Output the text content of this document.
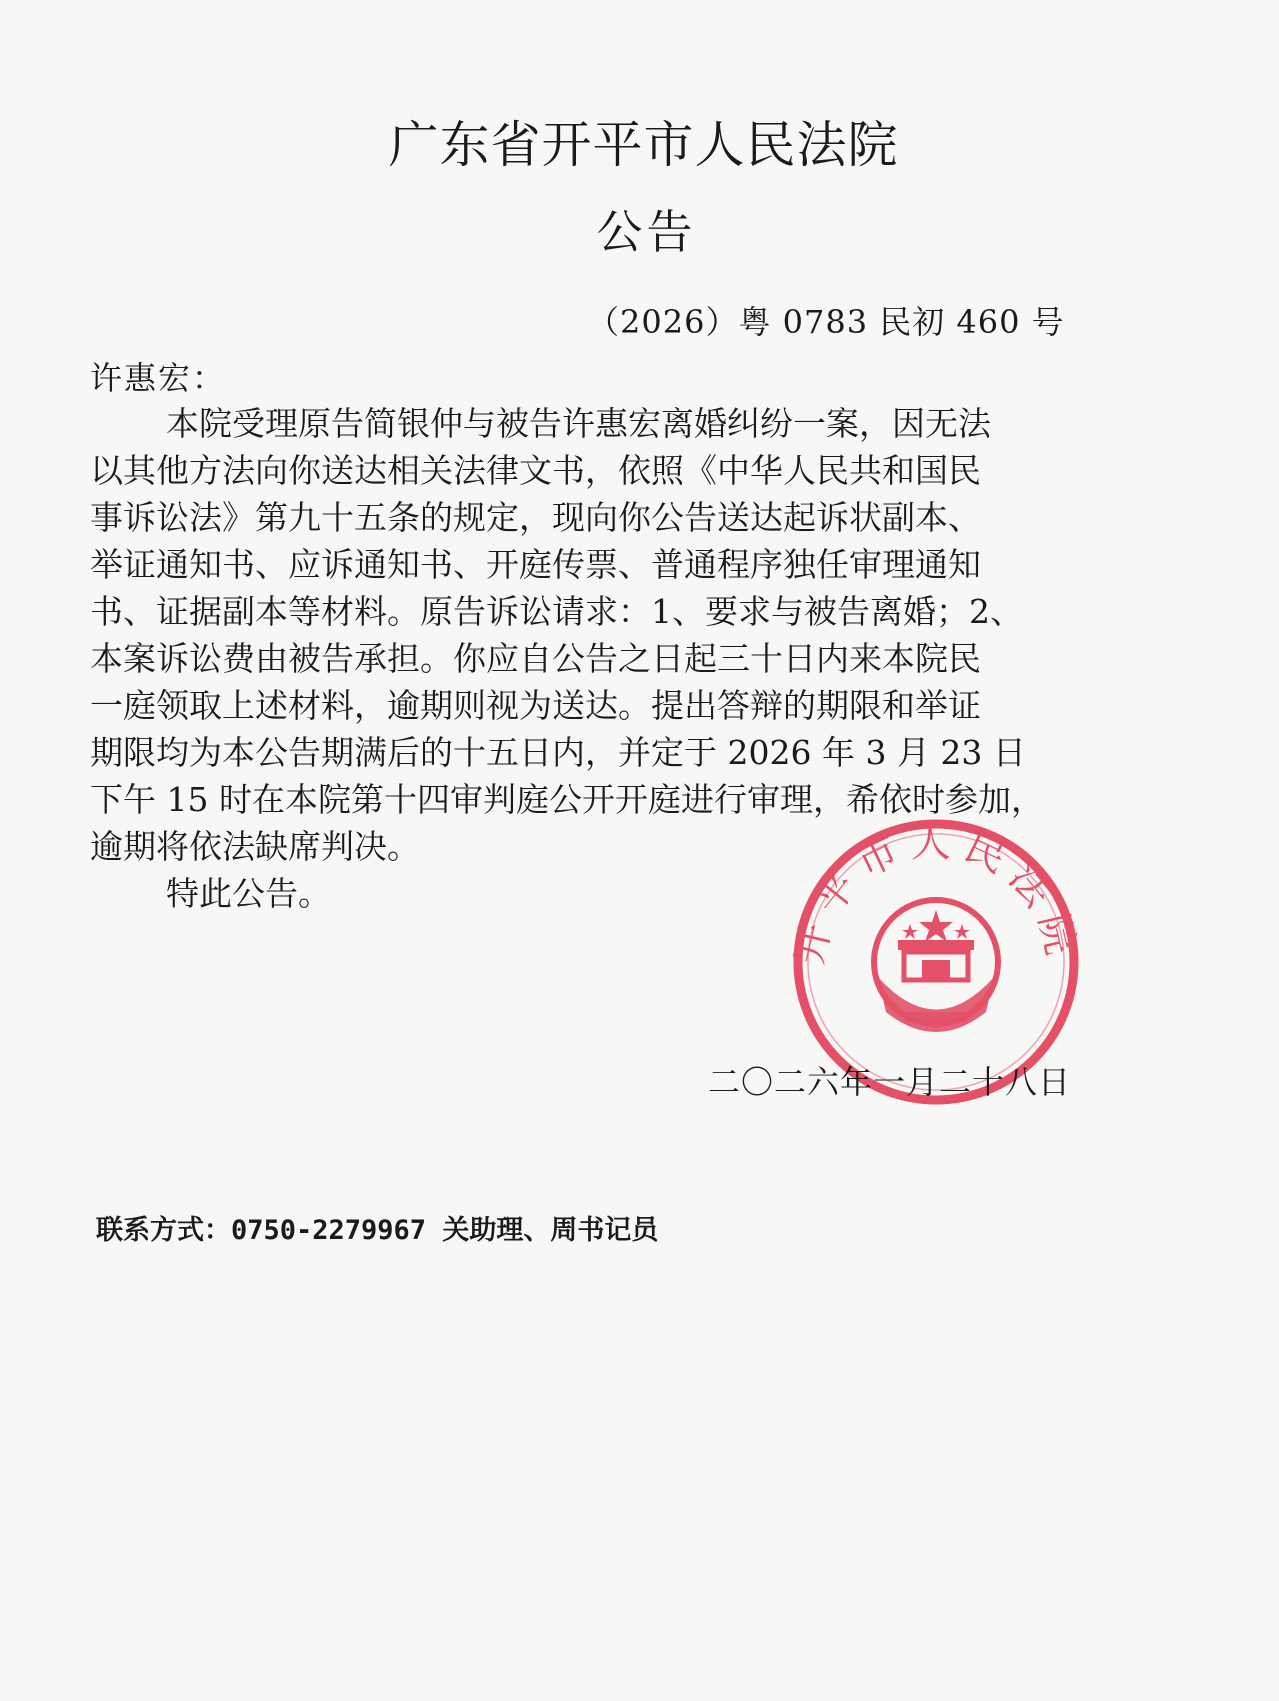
广东省开平市人民法院
公告
（2026）粤 0783 民初 460 号
许惠宏：

本院受理原告简银仲与被告许惠宏离婚纠纷一案，因无法

以其他方法向你送达相关法律文书，依照《中华人民共和国民

事诉讼法》第九十五条的规定，现向你公告送达起诉状副本、

举证通知书、应诉通知书、开庭传票、普通程序独任审理通知

书、证据副本等材料。原告诉讼请求：1、要求与被告离婚；2、

本案诉讼费由被告承担。你应自公告之日起三十日内来本院民

一庭领取上述材料，逾期则视为送达。提出答辩的期限和举证

期限均为本公告期满后的十五日内，并定于 2026 年 3 月 23 日

下午 15 时在本院第十四审判庭公开开庭进行审理，希依时参加，

逾期将依法缺席判决。

特此公告。

开平市人民法院
二〇二六年一月二十八日
联系方式：0750-2279967 关助理、周书记员
